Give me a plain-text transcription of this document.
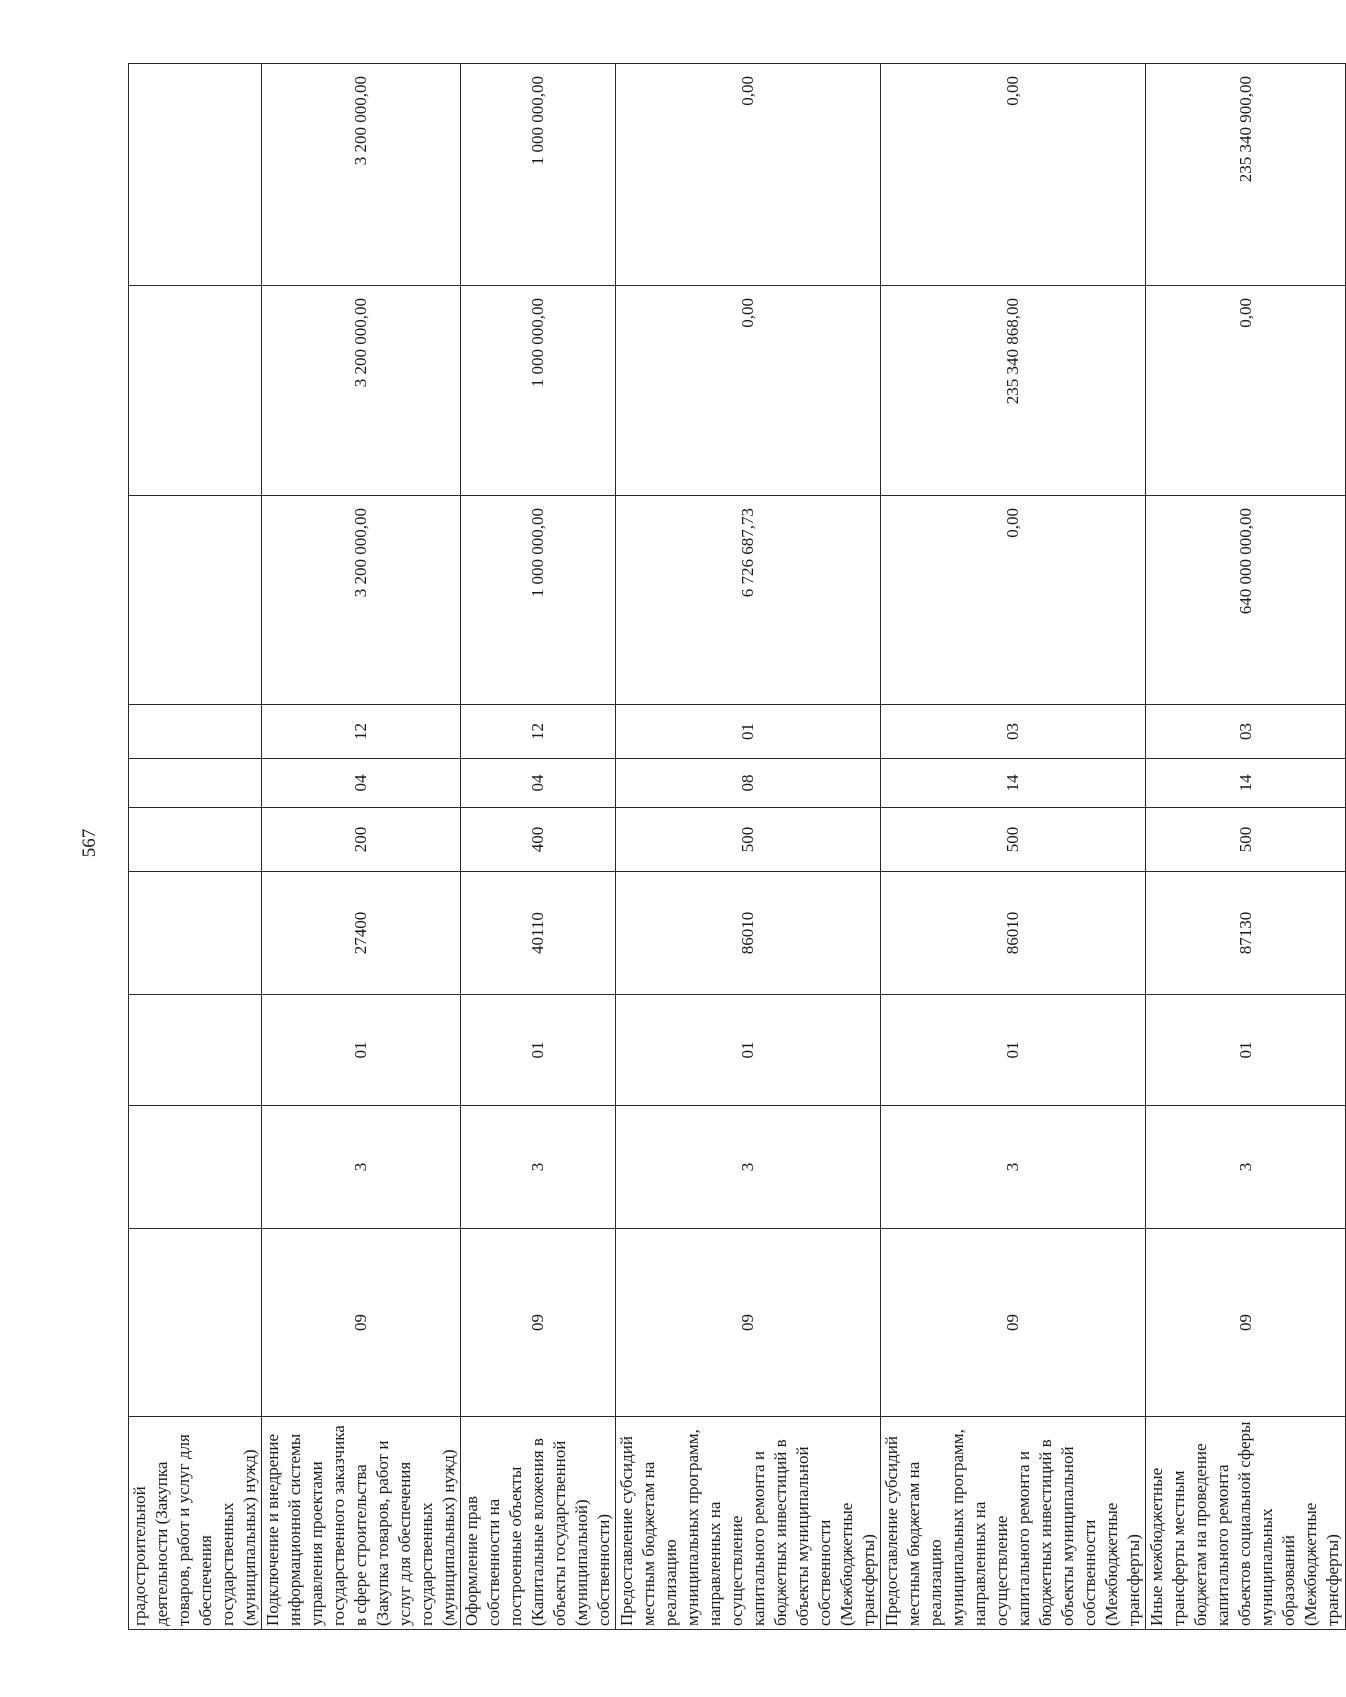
567
градостроительной деятельности (Закупка товаров, работ и услуг для обеспечения государственных (муниципальных) нужд)										
Подключение и внедрение информационной системы управления проектами государственного заказчика в сфере строительства (Закупка товаров, работ и услуг для обеспечения государственных (муниципальных) нужд)	09	3	01	27400	200	04	12	3 200 000,00	3 200 000,00	3 200 000,00
Оформление прав собственности на построенные объекты (Капитальные вложения в объекты государственной (муниципальной) собственности)	09	3	01	40110	400	04	12	1 000 000,00	1 000 000,00	1 000 000,00
Предоставление субсидий местным бюджетам на реализацию муниципальных программ, направленных на осуществление капитального ремонта и бюджетных инвестиций в объекты муниципальной собственности (Межбюджетные трансферты)	09	3	01	86010	500	08	01	6 726 687,73	0,00	0,00
Предоставление субсидий местным бюджетам на реализацию муниципальных программ, направленных на осуществление капитального ремонта и бюджетных инвестиций в объекты муниципальной собственности (Межбюджетные трансферты)	09	3	01	86010	500	14	03	0,00	235 340 868,00	0,00
Иные межбюджетные трансферты местным бюджетам на проведение капитального ремонта объектов социальной сферы муниципальных образований (Межбюджетные трансферты)	09	3	01	87130	500	14	03	640 000 000,00	0,00	235 340 900,00
